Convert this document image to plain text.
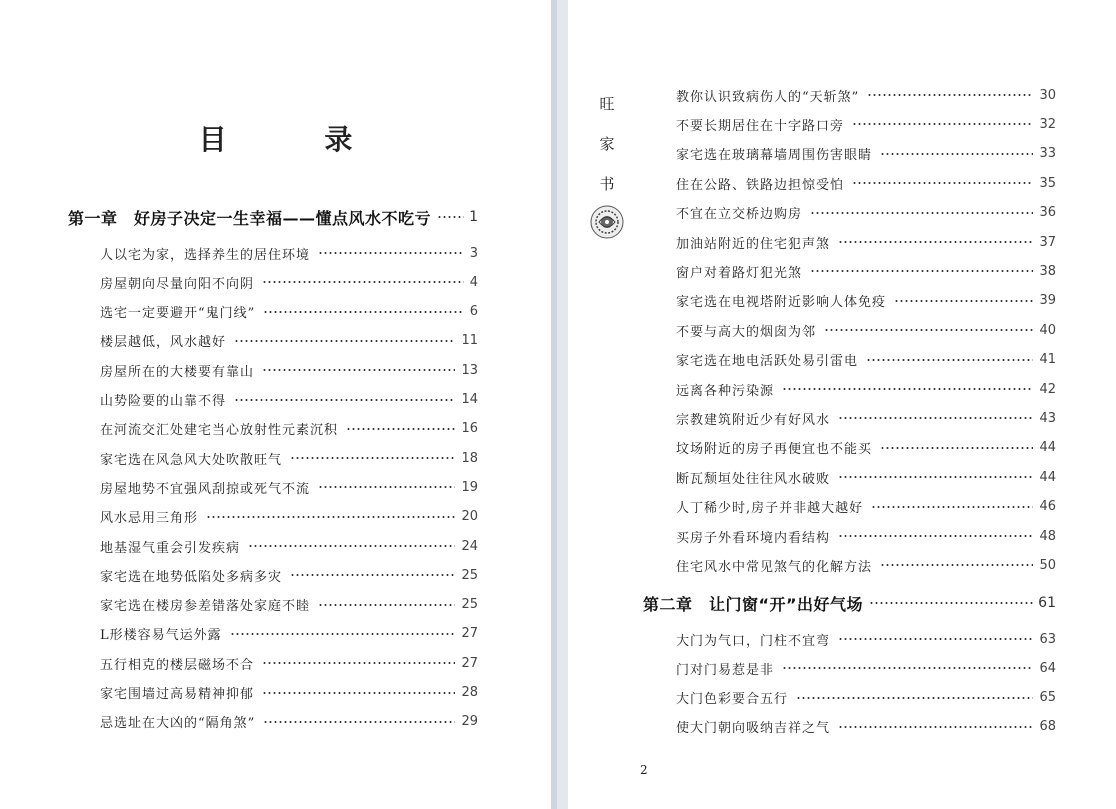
目 录
第一章　好房子决定一生幸福——懂点风水不吃亏	1
人以宅为家，选择养生的居住环境	3
房屋朝向尽量向阳不向阴	4
选宅一定要避开“鬼门线”	6
楼层越低，风水越好	11
房屋所在的大楼要有靠山	13
山势险要的山靠不得	14
在河流交汇处建宅当心放射性元素沉积	16
家宅选在风急风大处吹散旺气	18
房屋地势不宜强风刮掠或死气不流	19
风水忌用三角形	20
地基湿气重会引发疾病	24
家宅选在地势低陷处多病多灾	25
家宅选在楼房参差错落处家庭不睦	25
L形楼容易气运外露	27
五行相克的楼层磁场不合	27
家宅围墙过高易精神抑郁	28
忌选址在大凶的“隔角煞”	29
旺
家
书
教你认识致病伤人的“天斩煞”	30
不要长期居住在十字路口旁	32
家宅选在玻璃幕墙周围伤害眼睛	33
住在公路、铁路边担惊受怕	35
不宜在立交桥边购房	36
加油站附近的住宅犯声煞	37
窗户对着路灯犯光煞	38
家宅选在电视塔附近影响人体免疫	39
不要与高大的烟囱为邻	40
家宅选在地电活跃处易引雷电	41
远离各种污染源	42
宗教建筑附近少有好风水	43
坟场附近的房子再便宜也不能买	44
断瓦颓垣处往往风水破败	44
人丁稀少时,房子并非越大越好	46
买房子外看环境内看结构	48
住宅风水中常见煞气的化解方法	50
第二章　让门窗“开”出好气场	61
大门为气口，门柱不宜弯	63
门对门易惹是非	64
大门色彩要合五行	65
使大门朝向吸纳吉祥之气	68
2
